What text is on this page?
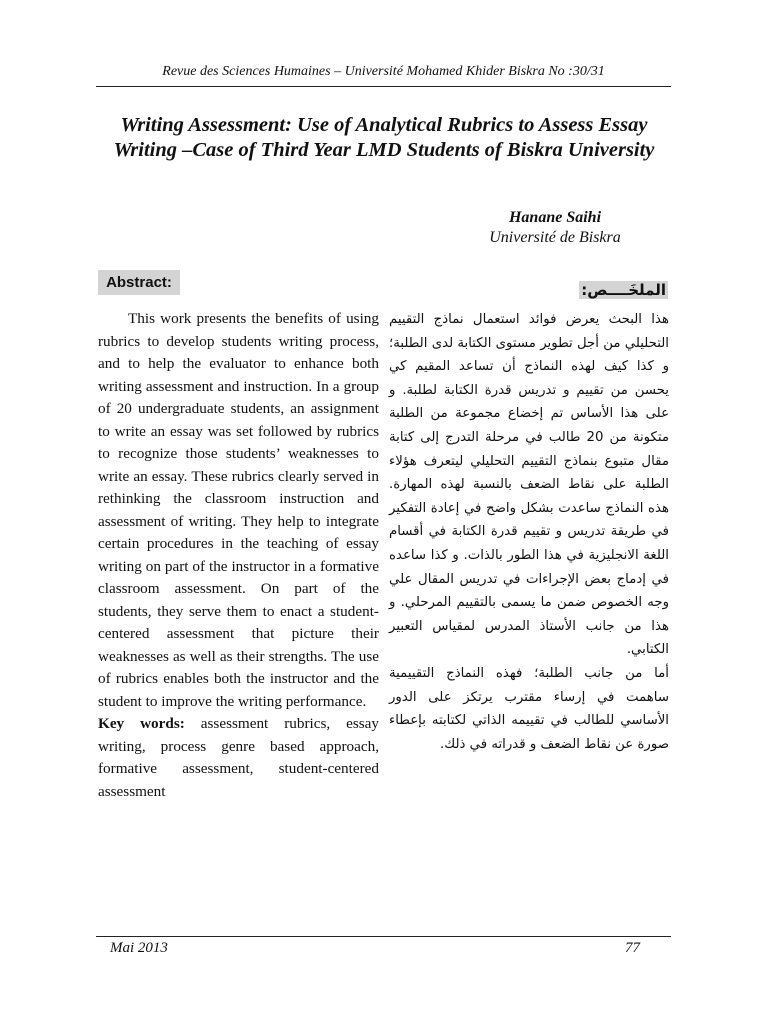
Revue des Sciences Humaines – Université Mohamed Khider Biskra No :30/31
Writing Assessment: Use of Analytical Rubrics to Assess Essay Writing –Case of Third Year LMD Students of Biskra University
Hanane Saihi
Université de Biskra
Abstract:	الملخَــــص:

This work presents the benefits of using rubrics to develop students writing process, and to help the evaluator to enhance both writing assessment and instruction. In a group of 20 undergraduate students, an assignment to write an essay was set followed by rubrics to recognize those students’ weaknesses to write an essay. These rubrics clearly served in rethinking the classroom instruction and assessment of writing. They help to integrate certain procedures in the teaching of essay writing on part of the instructor in a formative classroom assessment. On part of the students, they serve them to enact a student-centered assessment that picture their weaknesses as well as their strengths. The use of rubrics enables both the instructor and the student to improve the writing performance.

Key words: assessment rubrics, essay writing, process genre based approach, formative assessment, student-centered assessment

هذا البحث يعرض فوائد استعمال نماذج التقييم التحليلي من أجل تطوير مستوى الكتابة لدى الطلبة؛ و كذا كيف لهذه النماذج أن تساعد المقيم كي يحسن من تقييم و تدريس قدرة الكتابة لطلبة. و على هذا الأساس تم إخضاع مجموعة من الطلبة متكونة من 20 طالب في مرحلة التدرج إلى كتابة مقال متبوع بنماذج التقييم التحليلي ليتعرف هؤلاء الطلبة على نقاط الضعف بالنسبة لهذه المهارة. هذه النماذج ساعدت بشكل واضح في إعادة التفكير في طريقة تدريس و تقييم قدرة الكتابة في أقسام اللغة الانجليزية في هذا الطور بالذات. و كذا ساعده في إدماج بعض الإجراءات في تدريس المقال علي وجه الخصوص ضمن ما يسمى بالتقييم المرحلي. و هذا من جانب الأستاذ المدرس لمقياس التعبير الكتابي.

أما من جانب الطلبة؛ فهذه النماذج التقييمية ساهمت في إرساء مقترب يرتكز على الدور الأساسي للطالب في تقييمه الذاتي لكتابته بإعطاء صورة عن نقاط الضعف و قدراته في ذلك.

Mai 2013	77
